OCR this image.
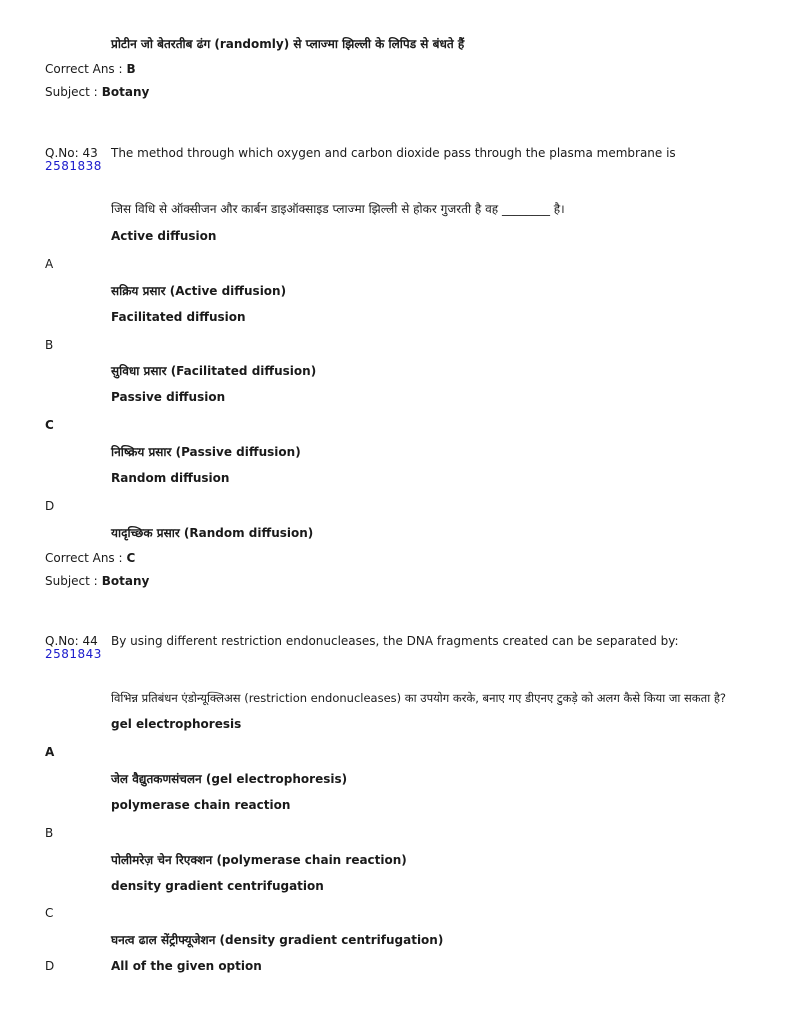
प्रोटीन जो बेतरतीब ढंग (randomly) से प्लाज्मा झिल्ली के लिपिड से बंधते हैं
Correct Ans : B
Subject : Botany
Q.No: 43
2581838
The method through which oxygen and carbon dioxide pass through the plasma membrane is
जिस विधि से ऑक्सीजन और कार्बन डाइऑक्साइड प्लाज्मा झिल्ली से होकर गुजरती है वह ________ है।
Active diffusion
A
सक्रिय प्रसार (Active diffusion)
Facilitated diffusion
B
सुविधा प्रसार (Facilitated diffusion)
Passive diffusion
C
निष्क्रिय प्रसार (Passive diffusion)
Random diffusion
D
यादृच्छिक प्रसार (Random diffusion)
Correct Ans : C
Subject : Botany
Q.No: 44
2581843
By using different restriction endonucleases, the DNA fragments created can be separated by:
विभिन्न प्रतिबंधन एंडोन्यूक्लिअस (restriction endonucleases) का उपयोग करके, बनाए गए डीएनए टुकड़े को अलग कैसे किया जा सकता है?
gel electrophoresis
A
जेल वैद्युतकणसंचलन (gel electrophoresis)
polymerase chain reaction
B
पोलीमरेज़ चेन रिएक्शन (polymerase chain reaction)
density gradient centrifugation
C
घनत्व ढाल सेंट्रीफ्यूजेशन (density gradient centrifugation)
D	All of the given option
